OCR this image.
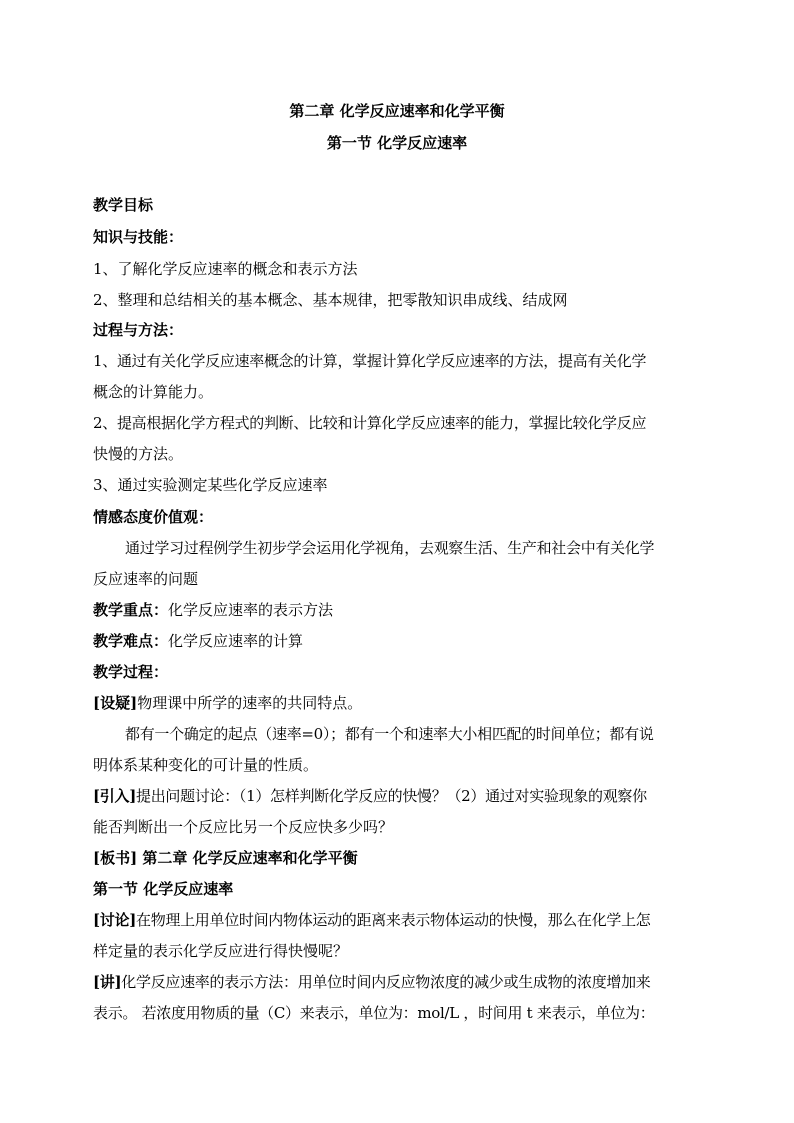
第二章 化学反应速率和化学平衡
第一节 化学反应速率
教学目标
知识与技能：
1、了解化学反应速率的概念和表示方法
2、整理和总结相关的基本概念、基本规律，把零散知识串成线、结成网
过程与方法：
1、通过有关化学反应速率概念的计算，掌握计算化学反应速率的方法，提高有关化学
概念的计算能力。
2、提高根据化学方程式的判断、比较和计算化学反应速率的能力，掌握比较化学反应
快慢的方法。
3、通过实验测定某些化学反应速率
情感态度价值观：
通过学习过程例学生初步学会运用化学视角，去观察生活、生产和社会中有关化学
反应速率的问题
教学重点：化学反应速率的表示方法
教学难点：化学反应速率的计算
教学过程：
[设疑]物理课中所学的速率的共同特点。
都有一个确定的起点（速率=0）；都有一个和速率大小相匹配的时间单位；都有说
明体系某种变化的可计量的性质。
[引入]提出问题讨论：（1）怎样判断化学反应的快慢？（2）通过对实验现象的观察你
能否判断出一个反应比另一个反应快多少吗？
[板书] 第二章 化学反应速率和化学平衡
第一节 化学反应速率
[讨论]在物理上用单位时间内物体运动的距离来表示物体运动的快慢，那么在化学上怎
样定量的表示化学反应进行得快慢呢？
[讲]化学反应速率的表示方法：用单位时间内反应物浓度的减少或生成物的浓度增加来
表示。 若浓度用物质的量（C）来表示，单位为：mol/L ，时间用 t 来表示，单位为：
